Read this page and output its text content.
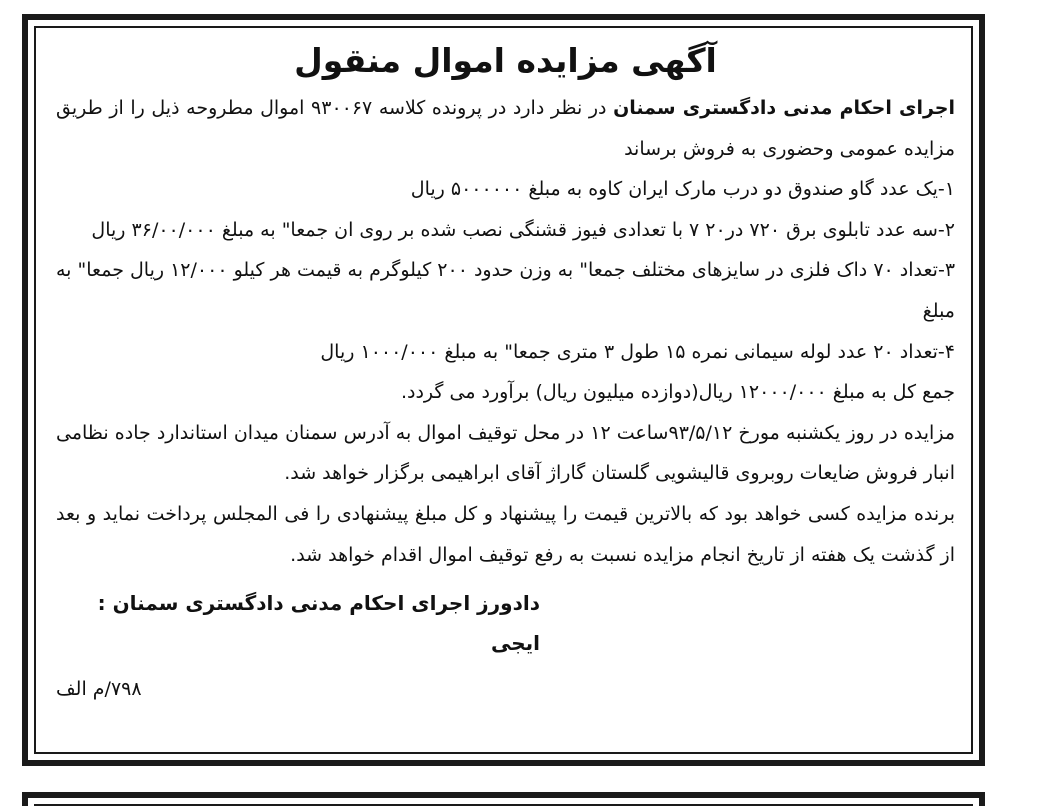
آگهی مزایده اموال منقول

اجرای احکام مدنی دادگستری سمنان در نظر دارد در پرونده کلاسه ۹۳۰۰۶۷ اموال مطروحه ذیل را از طریق مزایده عمومی وحضوری به فروش برساند

۱-یک عدد گاو صندوق دو درب مارک ایران کاوه به مبلغ ۵۰۰۰۰۰۰ ریال

۲-سه عدد تابلوی برق ۷۲۰ در۲۰ ۷ با تعدادی فیوز قشنگی نصب شده بر روی ان جمعا" به مبلغ ۳۶/۰۰/۰۰۰ ریال

۳-تعداد ۷۰ داک فلزی در سایزهای مختلف جمعا" به وزن حدود ۲۰۰ کیلوگرم به قیمت هر کیلو ۱۲/۰۰۰ ریال جمعا" به مبلغ

۴-تعداد ۲۰ عدد لوله سیمانی نمره ۱۵ طول ۳ متری جمعا" به مبلغ ۱۰۰۰/۰۰۰ ریال

جمع کل به مبلغ ۱۲۰۰۰/۰۰۰ ریال(دوازده میلیون ریال) برآورد می گردد.

مزایده در روز یکشنبه مورخ ۹۳/۵/۱۲ساعت ۱۲ در محل توقیف اموال به آدرس سمنان میدان استاندارد جاده نظامی انبار فروش ضایعات روبروی قالیشویی گلستان گاراژ آقای ابراهیمی برگزار خواهد شد.

برنده مزایده کسی خواهد بود که بالاترین قیمت را پیشنهاد و کل مبلغ پیشنهادی را فی المجلس پرداخت نماید و بعد از گذشت یک هفته از تاریخ انجام مزایده نسبت به رفع توقیف اموال اقدام خواهد شد.

دادورز اجرای احکام مدنی دادگستری سمنان : ایجی
۷۹۸/م الف
